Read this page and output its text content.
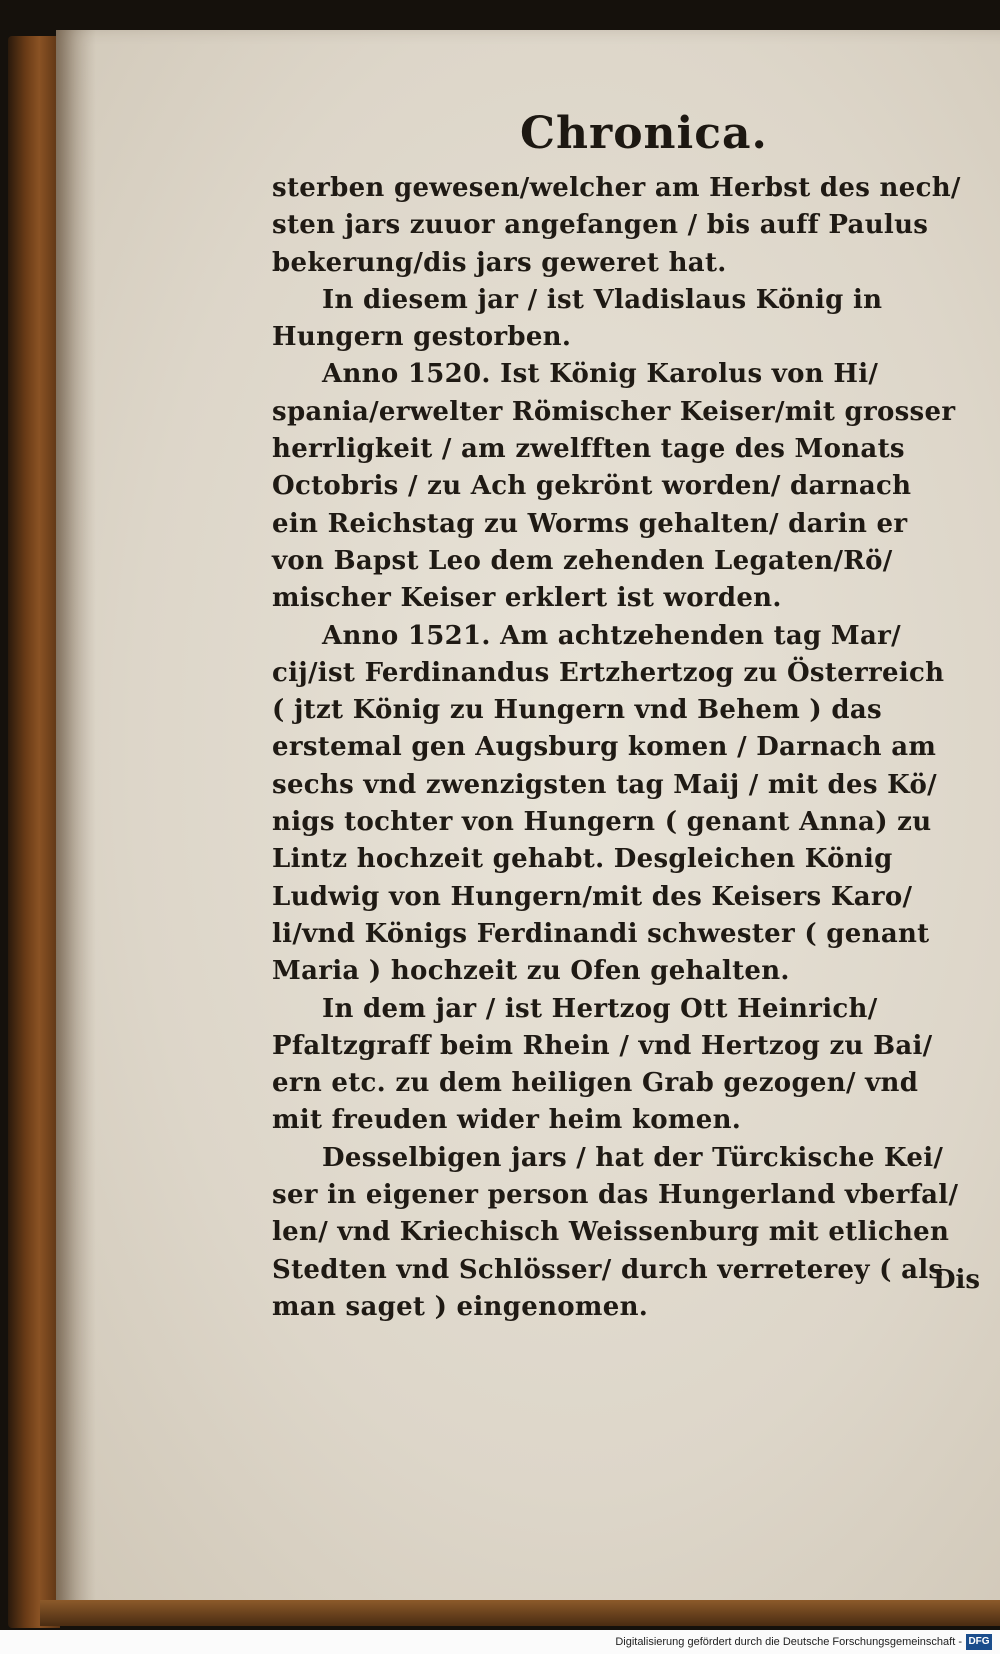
Chronica.
sterben gewesen/welcher am Herbst des nech/
sten jars zuuor angefangen / bis auff Paulus
bekerung/dis jars geweret hat.
In diesem jar / ist Vladislaus König in
Hungern gestorben.
Anno 1520. Ist König Karolus von Hi/
spania/erwelter Römischer Keiser/mit grosser
herrligkeit / am zwelfften tage des Monats
Octobris / zu Ach gekrönt worden/ darnach
ein Reichstag zu Worms gehalten/ darin er
von Bapst Leo dem zehenden Legaten/Rö/
mischer Keiser erklert ist worden.
Anno 1521. Am achtzehenden tag Mar/
cij/ist Ferdinandus Ertzhertzog zu Österreich
( jtzt König zu Hungern vnd Behem ) das
erstemal gen Augsburg komen / Darnach am
sechs vnd zwenzigsten tag Maij / mit des Kö/
nigs tochter von Hungern ( genant Anna) zu
Lintz hochzeit gehabt. Desgleichen König
Ludwig von Hungern/mit des Keisers Karo/
li/vnd Königs Ferdinandi schwester ( genant
Maria ) hochzeit zu Ofen gehalten.
In dem jar / ist Hertzog Ott Heinrich/
Pfaltzgraff beim Rhein / vnd Hertzog zu Bai/
ern etc. zu dem heiligen Grab gezogen/ vnd
mit freuden wider heim komen.
Desselbigen jars / hat der Türckische Kei/
ser in eigener person das Hungerland vberfal/
len/ vnd Kriechisch Weissenburg mit etlichen
Stedten vnd Schlösser/ durch verreterey ( als
man saget ) eingenomen.
Dis
Digitalisierung gefördert durch die Deutsche Forschungsgemeinschaft - DFG
